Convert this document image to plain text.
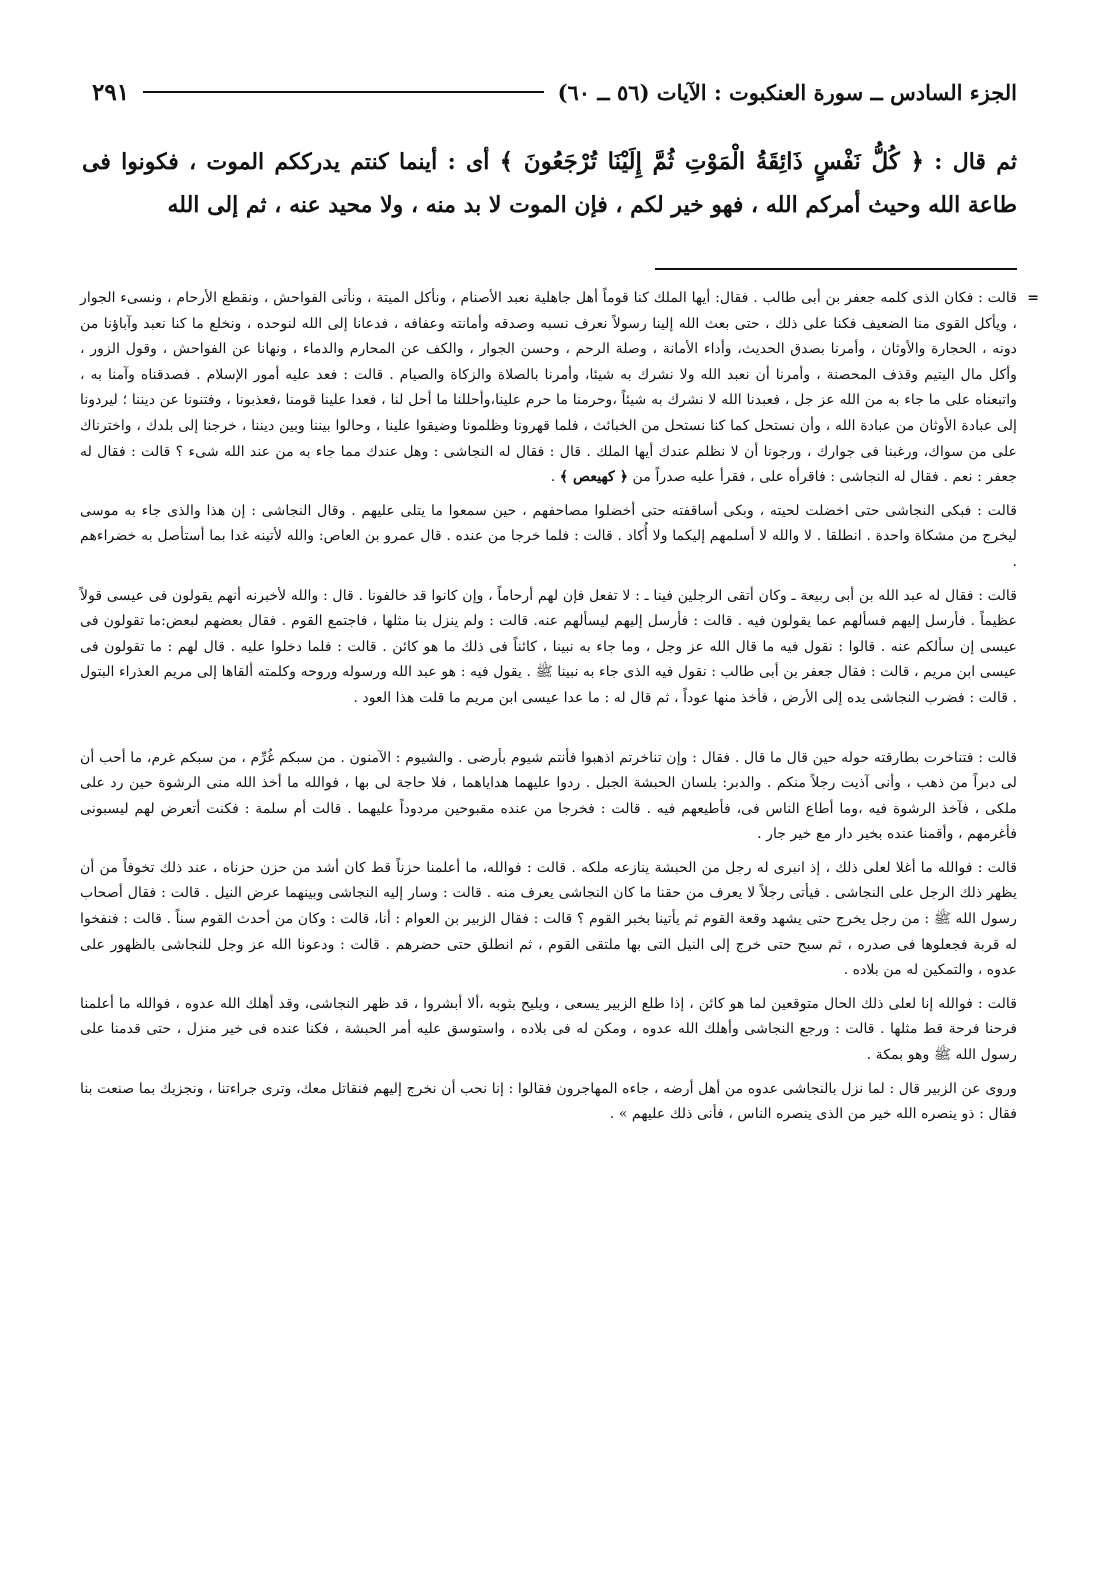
الجزء السادس ــ سورة العنكبوت : الآيات (٥٦ ــ ٦٠)
٢٩١
ثم قال : ﴿ كُلُّ نَفْسٍ ذَائِقَةُ الْمَوْتِ ثُمَّ إِلَيْنَا تُرْجَعُونَ ﴾ أى : أينما كنتم يدرككم الموت ، فكونوا فى طاعة الله وحيث أمركم الله ، فهو خير لكم ، فإن الموت لا بد منه ، ولا محيد عنه ، ثم إلى الله
=

قالت : فكان الذى كلمه جعفر بن أبى طالب . فقال: أيها الملك كنا قوماً أهل جاهلية نعبد الأصنام ، ونأكل الميتة ، ونأتى الفواحش ، ونقطع الأرحام ، ونسىء الجوار ، ويأكل القوى منا الضعيف فكنا على ذلك ، حتى بعث الله إلينا رسولاً نعرف نسبه وصدقه وأمانته وعفافه ، فدعانا إلى الله لنوحده ، ونخلع ما كنا نعبد وآباؤنا من دونه ، الحجارة والأوثان ، وأمرنا بصدق الحديث، وأداء الأمانة ، وصلة الرحم ، وحسن الجوار ، والكف عن المحارم والدماء ، ونهانا عن الفواحش ، وقول الزور ، وأكل مال اليتيم وقذف المحصنة ، وأمرنا أن نعبد الله ولا نشرك به شيئا، وأمرنا بالصلاة والزكاة والصيام . قالت : فعد عليه أمور الإسلام . فصدقناه وآمنا به ، واتبعناه على ما جاء به من الله عز جل ، فعبدنا الله لا نشرك به شيئاً ،وحرمنا ما حرم علينا،وأحللنا ما أحل لنا ، فعدا علينا قومنا ،فعذبونا ، وفتنونا عن ديننا ؛ ليردونا إلى عبادة الأوثان من عبادة الله ، وأن نستحل كما كنا نستحل من الخبائث ، فلما قهرونا وظلمونا وضيقوا علينا ، وحالوا بيننا وبين ديننا ، خرجنا إلى بلدك ، واخترناك على من سواك، ورغبنا فى جوارك ، ورجونا أن لا نظلم عندك أيها الملك . قال : فقال له النجاشى : وهل عندك مما جاء به من عند الله شىء ؟ قالت : فقال له جعفر : نعم . فقال له النجاشى : فاقرأه على ، فقرأ عليه صدراً من ﴿ كهيعص ﴾ .

قالت : فبكى النجاشى حتى اخضلت لحيته ، وبكى أساقفته حتى أخضلوا مصاحفهم ، حين سمعوا ما يتلى عليهم . وقال النجاشى : إن هذا والذى جاء به موسى ليخرج من مشكاة واحدة . انطلقا . لا والله لا أسلمهم إليكما ولا أُكاد . قالت : فلما خرجا من عنده . قال عمرو بن العاص: والله لأتينه غدا بما أستأصل به خضراءهم .

قالت : فقال له عبد الله بن أبى ربيعة ـ وكان أتقى الرجلين فينا ـ : لا تفعل فإن لهم أرحاماً ، وإن كانوا قد خالفونا . قال : والله لأخبرنه أنهم يقولون فى عيسى قولاً عظيماً . فأرسل إليهم فسألهم عما يقولون فيه . قالت : فأرسل إليهم ليسألهم عنه. قالت : ولم ينزل بنا مثلها ، فاجتمع القوم . فقال بعضهم لبعض:ما تقولون فى عيسى إن سألكم عنه . قالوا : نقول فيه ما قال الله عز وجل ، وما جاء به نبينا ، كائناً فى ذلك ما هو كائن . قالت : فلما دخلوا عليه . قال لهم : ما تقولون فى عيسى ابن مريم ، قالت : فقال جعفر بن أبى طالب : نقول فيه الذى جاء به نبينا ﷺ . يقول فيه : هو عبد الله ورسوله وروحه وكلمته ألقاها إلى مريم العذراء البتول . قالت : فضرب النجاشى يده إلى الأرض ، فأخذ منها عوداً ، ثم قال له : ما عدا عيسى ابن مريم ما قلت هذا العود .

قالت : فتناخرت بطارقته حوله حين قال ما قال . فقال : وإن تناخرتم اذهبوا فأنتم شيوم بأرضى . والشيوم : الآمنون . من سبكم غُرِّم ، من سبكم غرم، ما أحب أن لى دبراً من ذهب ، وأنى آذيت رجلاً منكم . والدبر: بلسان الحبشة الجبل . ردوا عليهما هداياهما ، فلا حاجة لى بها ، فوالله ما أخذ الله منى الرشوة حين رد على ملكى ، فآخذ الرشوة فيه ،وما أطاع الناس فى، فأطيعهم فيه . قالت : فخرجا من عنده مقبوحين مردوداً عليهما . قالت أم سلمة : فكنت أتعرض لهم ليسبونى فأغرمهم ، وأقمنا عنده بخير دار مع خير جار .

قالت : فوالله ما أغلا لعلى ذلك ، إذ انبرى له رجل من الحبشة ينازعه ملكه . قالت : فوالله، ما أعلمنا حزناً قط كان أشد من حزن حزناه ، عند ذلك تخوفاً من أن يظهر ذلك الرجل على النجاشى . فيأتى رجلاً لا يعرف من حقنا ما كان النجاشى يعرف منه . قالت : وسار إليه النجاشى وبينهما عرض النيل . قالت : فقال أصحاب رسول الله ﷺ : من رجل يخرج حتى يشهد وقعة القوم ثم يأتينا بخبر القوم ؟ قالت : فقال الزبير بن العوام : أنا، قالت : وكان من أحدث القوم سناً . قالت : فنفخوا له قربة فجعلوها فى صدره ، ثم سبح حتى خرج إلى النيل التى بها ملتقى القوم ، ثم انطلق حتى حضرهم . قالت : ودعونا الله عز وجل للنجاشى بالظهور على عدوه ، والتمكين له من بلاده .

قالت : فوالله إنا لعلى ذلك الحال متوقعين لما هو كائن ، إذا طلع الزبير يسعى ، ويليح بثوبه ،ألا أبشروا ، قد ظهر النجاشى، وقد أهلك الله عدوه ، فوالله ما أعلمنا فرحنا فرحة قط مثلها . قالت : ورجع النجاشى وأهلك الله عدوه ، ومكن له فى بلاده ، واستوسق عليه أمر الحبشة ، فكنا عنده فى خير منزل ، حتى قدمنا على رسول الله ﷺ وهو بمكة .

وروى عن الزبير قال : لما نزل بالنجاشى عدوه من أهل أرضه ، جاءه المهاجرون فقالوا : إنا نحب أن نخرج إليهم فنقاتل معك، وترى جراءتنا ، ونجزيك بما صنعت بنا فقال : ذو ينصره الله خير من الذى ينصره الناس ، فأنى ذلك عليهم » .
